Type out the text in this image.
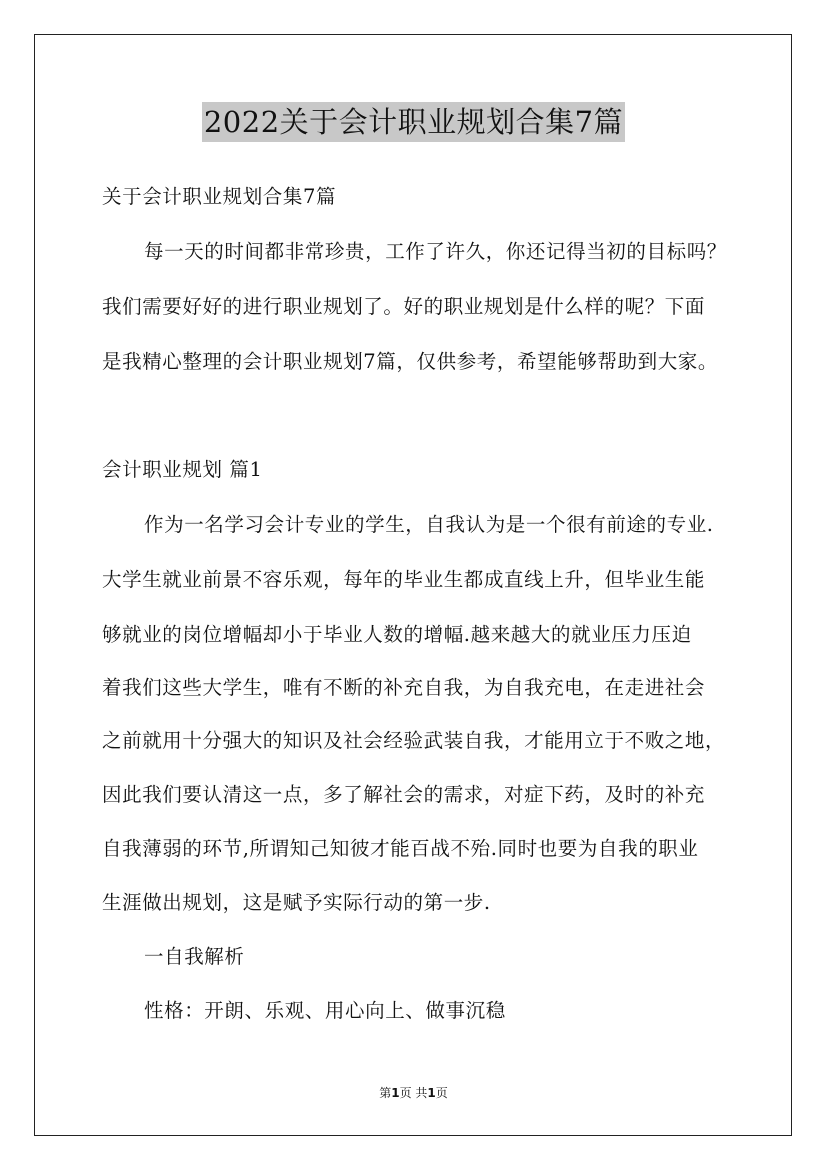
2022关于会计职业规划合集7篇
关于会计职业规划合集7篇
每一天的时间都非常珍贵，工作了许久，你还记得当初的目标吗？
我们需要好好的进行职业规划了。好的职业规划是什么样的呢？下面
是我精心整理的会计职业规划7篇，仅供参考，希望能够帮助到大家。
会计职业规划 篇1
作为一名学习会计专业的学生，自我认为是一个很有前途的专业.
大学生就业前景不容乐观，每年的毕业生都成直线上升，但毕业生能
够就业的岗位增幅却小于毕业人数的增幅.越来越大的就业压力压迫
着我们这些大学生，唯有不断的补充自我，为自我充电，在走进社会
之前就用十分强大的知识及社会经验武装自我，才能用立于不败之地，
因此我们要认清这一点，多了解社会的需求，对症下药，及时的补充
自我薄弱的环节,所谓知己知彼才能百战不殆.同时也要为自我的职业
生涯做出规划，这是赋予实际行动的第一步.
一自我解析
性格：开朗、乐观、用心向上、做事沉稳
第1页 共1页
